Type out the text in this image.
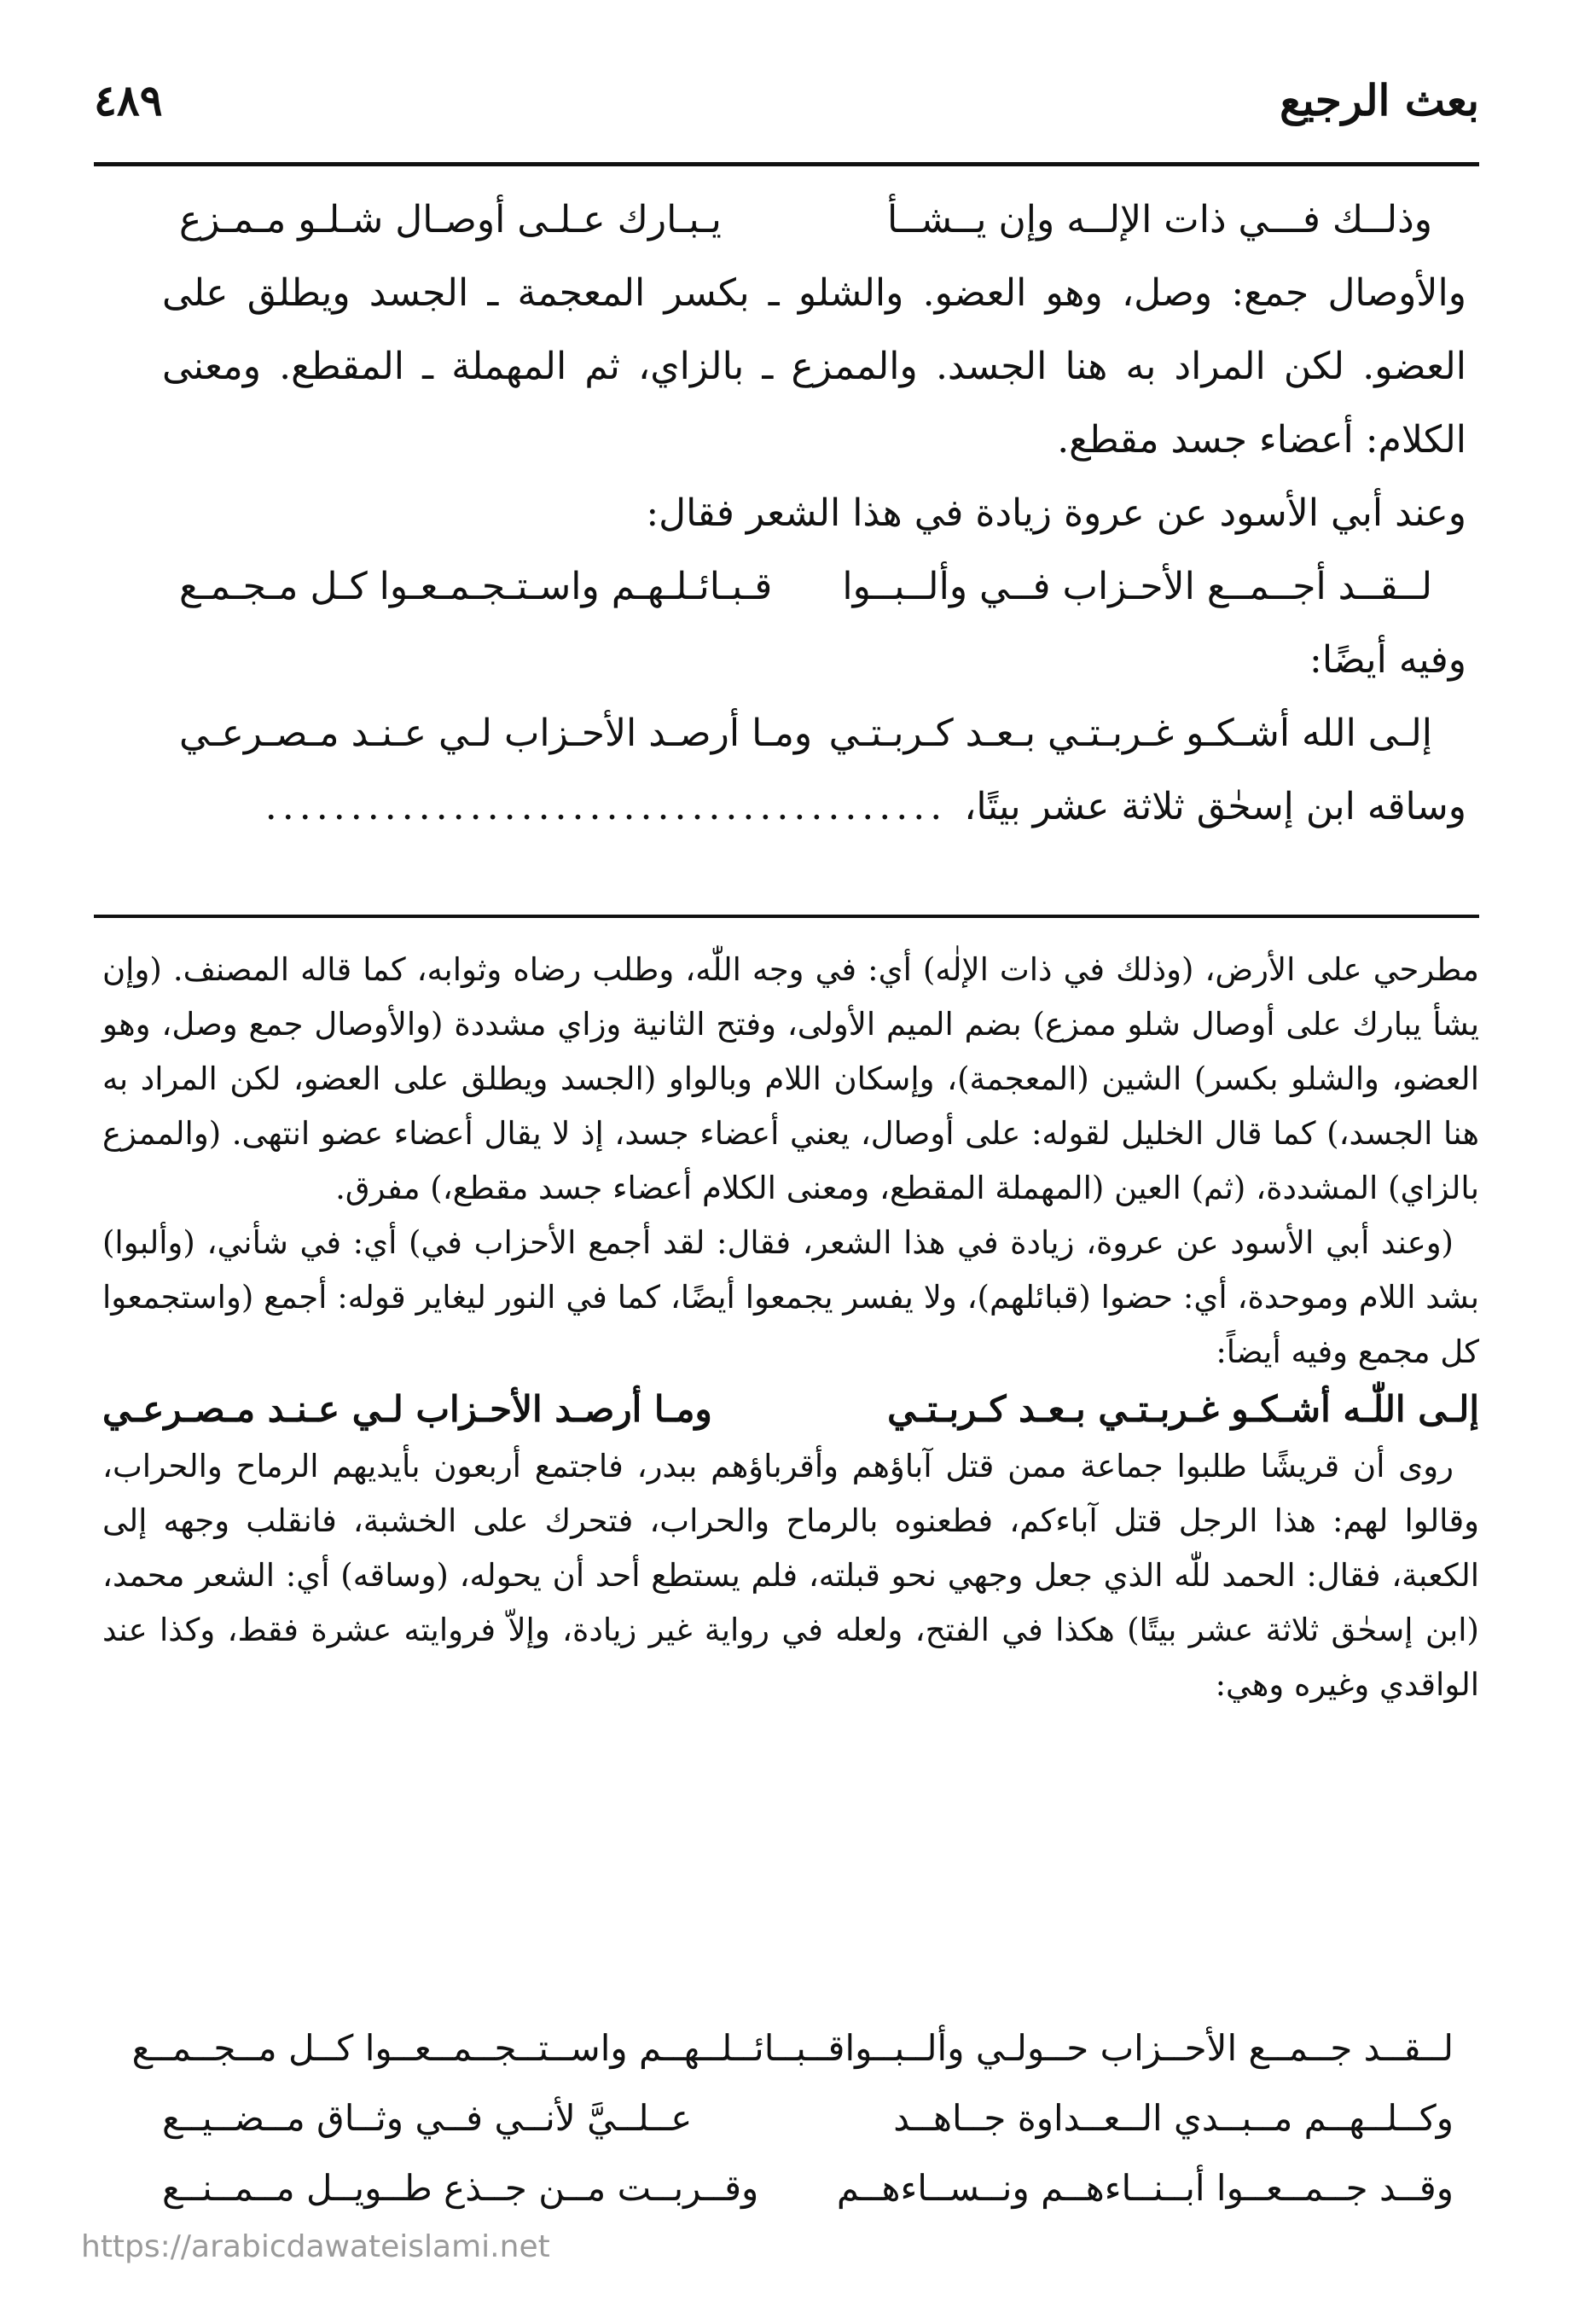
بعث الرجيع
٤٨٩
وذلــك فـــي ذات الإلــه وإن يــشــأ
يـبـارك عـلـى أوصـال شـلـو مـمـزع

والأوصال جمع: وصل، وهو العضو. والشلو ـ بكسر المعجمة ـ الجسد ويطلق على العضو. لكن المراد به هنا الجسد. والممزع ـ بالزاي، ثم المهملة ـ المقطع. ومعنى الكلام: أعضاء جسد مقطع.

وعند أبي الأسود عن عروة زيادة في هذا الشعر فقال:

لــقــد أجــمــع الأحـزاب فــي وألــبــوا
قـبـائـلـهـم واسـتـجـمـعـوا كـل مـجـمـع

وفيه أيضًا:

إلـى الله أشـكـو غـربـتـي بـعـد كـربـتـي
ومـا أرصـد الأحـزاب لـي عـنـد مـصـرعـي

وساقه ابن إسحٰق ثلاثة عشر بيتًا،........................................

مطرحي على الأرض، (وذلك في ذات الإلٰه) أي: في وجه اللّٰه، وطلب رضاه وثوابه، كما قاله المصنف. (وإن يشأ يبارك على أوصال شلو ممزع) بضم الميم الأولى، وفتح الثانية وزاي مشددة (والأوصال جمع وصل، وهو العضو، والشلو بكسر) الشين (المعجمة)، وإسكان اللام وبالواو (الجسد ويطلق على العضو، لكن المراد به هنا الجسد،) كما قال الخليل لقوله: على أوصال، يعني أعضاء جسد، إذ لا يقال أعضاء عضو انتهى. (والممزع بالزاي) المشددة، (ثم) العين (المهملة المقطع، ومعنى الكلام أعضاء جسد مقطع،) مفرق.

(وعند أبي الأسود عن عروة، زيادة في هذا الشعر، فقال: لقد أجمع الأحزاب في) أي: في شأني، (وألبوا) بشد اللام وموحدة، أي: حضوا (قبائلهم)، ولا يفسر يجمعوا أيضًا، كما في النور ليغاير قوله: أجمع (واستجمعوا كل مجمع وفيه أيضاً:

إلـى اللّٰـه أشـكـو غـربـتـي بـعـد كـربـتـي
ومـا أرصـد الأحـزاب لـي عـنـد مـصـرعـي

روى أن قريشًا طلبوا جماعة ممن قتل آباؤهم وأقرباؤهم ببدر، فاجتمع أربعون بأيديهم الرماح والحراب، وقالوا لهم: هذا الرجل قتل آباءكم، فطعنوه بالرماح والحراب، فتحرك على الخشبة، فانقلب وجهه إلى الكعبة، فقال: الحمد للّٰه الذي جعل وجهي نحو قبلته، فلم يستطع أحد أن يحوله، (وساقه) أي: الشعر محمد، (ابن إسحٰق ثلاثة عشر بيتًا) هكذا في الفتح، ولعله في رواية غير زيادة، وإلاّ فروايته عشرة فقط، وكذا عند الواقدي وغيره وهي:

لــقــد جــمــع الأحــزاب حــولـي وألــبــوا
قــبــائــلــهــم واســتــجــمــعــوا كــل مــجــمــع
وكــلــهــم مــبــدي الــعــداوة جــاهــد
عــلــيَّ لأنــي فــي وثــاق مــضــيــع
وقــد جــمــعــوا أبــنــاءهــم ونــســاءهــم
وقــربــت مــن جــذع طــويــل مــمــنــع
https://arabicdawateislami.net
